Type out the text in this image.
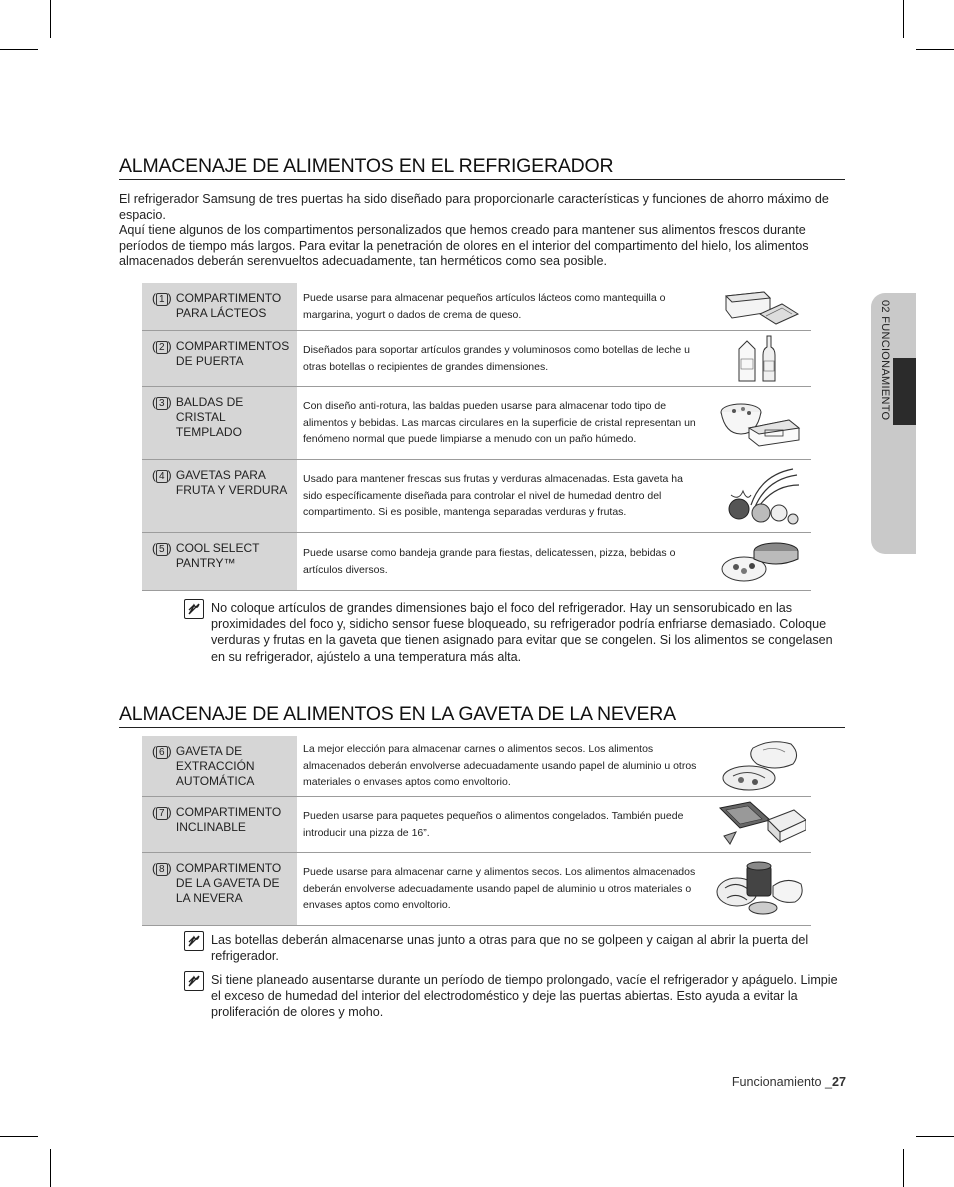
02 FUNCIONAMIENTO
ALMACENAJE DE ALIMENTOS EN EL REFRIGERADOR

El refrigerador Samsung de tres puertas ha sido diseñado para proporcionarle características y funciones de ahorro máximo de espacio.

Aquí tiene algunos de los compartimentos personalizados que hemos creado para mantener sus alimentos frescos durante períodos de tiempo más largos. Para evitar la penetración de olores en el interior del compartimento del hielo, los alimentos almacenados deberán serenvueltos adecuadamente, tan herméticos como sea posible.

( 1 ) COMPARTIMENTO PARA LÁCTEOS
Puede usarse para almacenar pequeños artículos lácteos como mantequilla o margarina, yogurt o dados de crema de queso.
( 2 ) COMPARTIMENTOS DE PUERTA
Diseñados para soportar artículos grandes y voluminosos como botellas de leche u otras botellas o recipientes de grandes dimensiones.
( 3 ) BALDAS DE CRISTAL TEMPLADO
Con diseño anti-rotura, las baldas pueden usarse para almacenar todo tipo de alimentos y bebidas. Las marcas circulares en la superficie de cristal representan un fenómeno normal que puede limpiarse a menudo con un paño húmedo.
( 4 ) GAVETAS PARA FRUTA Y VERDURA
Usado para mantener frescas sus frutas y verduras almacenadas. Esta gaveta ha sido específicamente diseñada para controlar el nivel de humedad dentro del compartimento. Si es posible, mantenga separadas verduras y frutas.
( 5 ) COOL SELECT PANTRY™
Puede usarse como bandeja grande para fiestas, delicatessen, pizza, bebidas o artículos diversos.
No coloque artículos de grandes dimensiones bajo el foco del refrigerador. Hay un sensorubicado en las proximidades del foco y, sidicho sensor fuese bloqueado, su refrigerador podría enfriarse demasiado. Coloque verduras y frutas en la gaveta que tienen asignado para evitar que se congelen. Si los alimentos se congelasen en su refrigerador, ajústelo a una temperatura más alta.
ALMACENAJE DE ALIMENTOS EN LA GAVETA DE LA NEVERA
( 6 ) GAVETA DE EXTRACCIÓN AUTOMÁTICA
La mejor elección para almacenar carnes o alimentos secos. Los alimentos almacenados deberán envolverse adecuadamente usando papel de aluminio u otros materiales o envases aptos como envoltorio.
( 7 ) COMPARTIMENTO INCLINABLE
Pueden usarse para paquetes pequeños o alimentos congelados. También puede introducir una pizza de 16”.
( 8 ) COMPARTIMENTO DE LA GAVETA DE LA NEVERA
Puede usarse para almacenar carne y alimentos secos. Los alimentos almacenados deberán envolverse adecuadamente usando papel de aluminio u otros materiales o envases aptos como envoltorio.
Las botellas deberán almacenarse unas junto a otras para que no se golpeen y caigan al abrir la puerta del refrigerador.
Si tiene planeado ausentarse durante un período de tiempo prolongado, vacíe el refrigerador y apáguelo. Limpie el exceso de humedad del interior del electrodoméstico y deje las puertas abiertas. Esto ayuda a evitar la proliferación de olores y moho.
Funcionamiento _27
